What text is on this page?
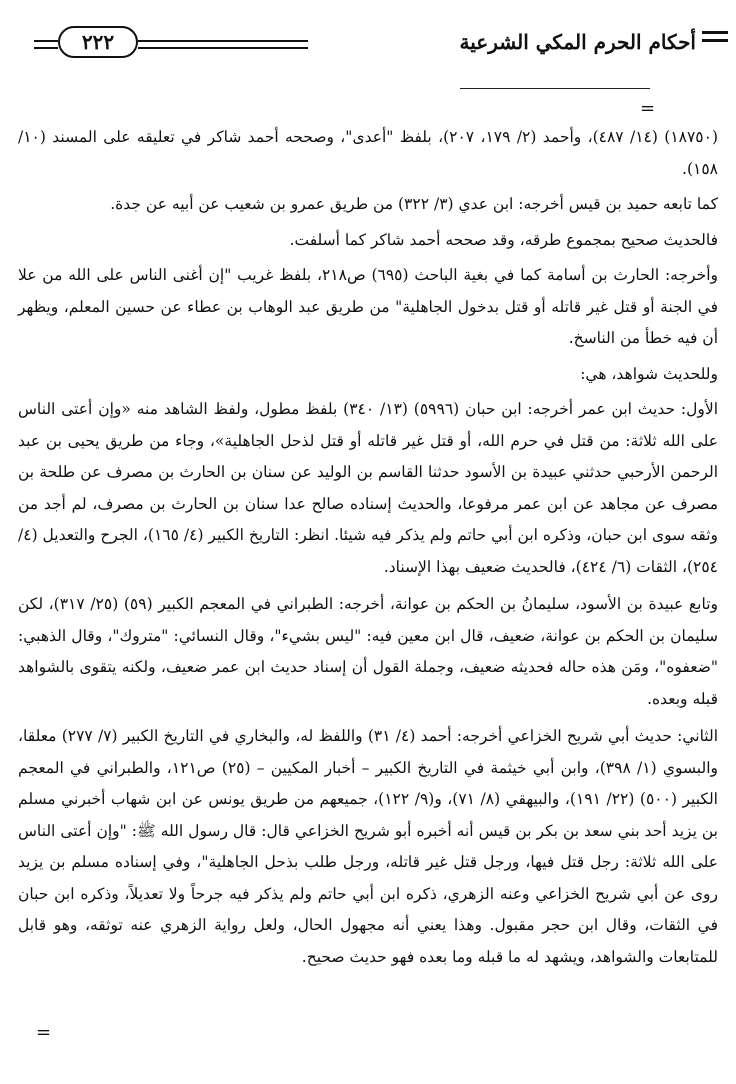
أحكام الحرم المكي الشرعية
٢٢٢
=

(١٨٧٥٠) (١٤/ ٤٨٧)، وأحمد (٢/ ١٧٩، ٢٠٧)، بلفظ "أعدى"، وصححه أحمد شاكر في تعليقه على المسند (١٠/ ١٥٨).

كما تابعه حميد بن قيس أخرجه: ابن عدي (٣/ ٣٢٢) من طريق عمرو بن شعيب عن أبيه عن جدة.

فالحديث صحيح بمجموع طرقه، وقد صححه أحمد شاكر كما أسلفت.

وأخرجه: الحارث بن أسامة كما في بغية الباحث (٦٩٥) ص٢١٨، بلفظ غريب "إن أغنى الناس على الله من علا في الجنة أو قتل غير قاتله أو قتل بدخول الجاهلية" من طريق عبد الوهاب بن عطاء عن حسين المعلم، ويظهر أن فيه خطأ من الناسخ.

وللحديث شواهد، هي:

الأول: حديث ابن عمر أخرجه: ابن حبان (٥٩٩٦) (١٣/ ٣٤٠) بلفظ مطول، ولفظ الشاهد منه «وإن أعتى الناس على الله ثلاثة: من قتل في حرم الله، أو قتل غير قاتله أو قتل لذحل الجاهلية»، وجاء من طريق يحيى بن عبد الرحمن الأرحبي حدثني عبيدة بن الأسود حدثنا القاسم بن الوليد عن سنان بن الحارث بن مصرف عن طلحة بن مصرف عن مجاهد عن ابن عمر مرفوعا، والحديث إسناده صالح عدا سنان بن الحارث بن مصرف، لم أجد من وثقه سوى ابن حبان، وذكره ابن أبي حاتم ولم يذكر فيه شيئا. انظر: التاريخ الكبير (٤/ ١٦٥)، الجرح والتعديل (٤/ ٢٥٤)، الثقات (٦/ ٤٢٤)، فالحديث ضعيف بهذا الإسناد.

وتابع عبيدة بن الأسود، سليمانُ بن الحكم بن عوانة، أخرجه: الطبراني في المعجم الكبير (٥٩) (٢٥/ ٣١٧)، لكن سليمان بن الحكم بن عوانة، ضعيف، قال ابن معين فيه: "ليس بشيء"، وقال النسائي: "متروك"، وقال الذهبي: "ضعفوه"، ومَن هذه حاله فحديثه ضعيف، وجملة القول أن إسناد حديث ابن عمر ضعيف، ولكنه يتقوى بالشواهد قبله وبعده.

الثاني: حديث أبي شريح الخزاعي أخرجه: أحمد (٤/ ٣١) واللفظ له، والبخاري في التاريخ الكبير (٧/ ٢٧٧) معلقا، والبسوي (١/ ٣٩٨)، وابن أبي خيثمة في التاريخ الكبير – أخبار المكيين – (٢٥) ص١٢١، والطبراني في المعجم الكبير (٥٠٠) (٢٢/ ١٩١)، والبيهقي (٨/ ٧١)، و(٩/ ١٢٢)، جميعهم من طريق يونس عن ابن شهاب أخبرني مسلم بن يزيد أحد بني سعد بن بكر بن قيس أنه أخبره أبو شريح الخزاعي قال: قال رسول الله ﷺ: "وإن أعتى الناس على الله ثلاثة: رجل قتل فيها، ورجل قتل غير قاتله، ورجل طلب بذحل الجاهلية"، وفي إسناده مسلم بن يزيد روى عن أبي شريح الخزاعي وعنه الزهري، ذكره ابن أبي حاتم ولم يذكر فيه جرحاً ولا تعديلاً، وذكره ابن حبان في الثقات، وقال ابن حجر مقبول. وهذا يعني أنه مجهول الحال، ولعل رواية الزهري عنه توثقه، وهو قابل للمتابعات والشواهد، ويشهد له ما قبله وما بعده فهو حديث صحيح.

=
